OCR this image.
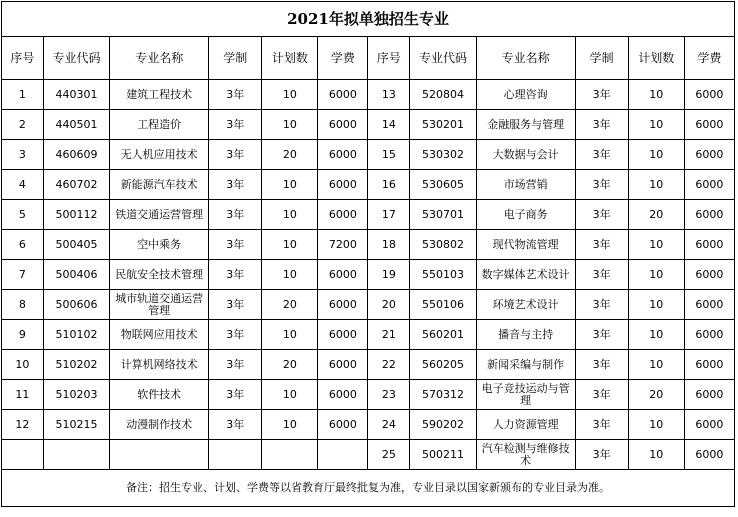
2021年拟单独招生专业											
序号	专业代码	专业名称	学制	计划数	学费	序号	专业代码	专业名称	学制	计划数	学费
1	440301	建筑工程技术	3年	10	6000	13	520804	心理咨询	3年	10	6000
2	440501	工程造价	3年	10	6000	14	530201	金融服务与管理	3年	10	6000
3	460609	无人机应用技术	3年	20	6000	15	530302	大数据与会计	3年	10	6000
4	460702	新能源汽车技术	3年	10	6000	16	530605	市场营销	3年	10	6000
5	500112	铁道交通运营管理	3年	10	6000	17	530701	电子商务	3年	20	6000
6	500405	空中乘务	3年	10	7200	18	530802	现代物流管理	3年	10	6000
7	500406	民航安全技术管理	3年	10	6000	19	550103	数字媒体艺术设计	3年	10	6000
8	500606	城市轨道交通运营管理	3年	20	6000	20	550106	环境艺术设计	3年	10	6000
9	510102	物联网应用技术	3年	10	6000	21	560201	播音与主持	3年	10	6000
10	510202	计算机网络技术	3年	20	6000	22	560205	新闻采编与制作	3年	10	6000
11	510203	软件技术	3年	10	6000	23	570312	电子竞技运动与管理	3年	20	6000
12	510215	动漫制作技术	3年	10	6000	24	590202	人力资源管理	3年	10	6000
						25	500211	汽车检测与维修技术	3年	10	6000
备注：招生专业、计划、学费等以省教育厅最终批复为准，专业目录以国家新颁布的专业目录为准。											
